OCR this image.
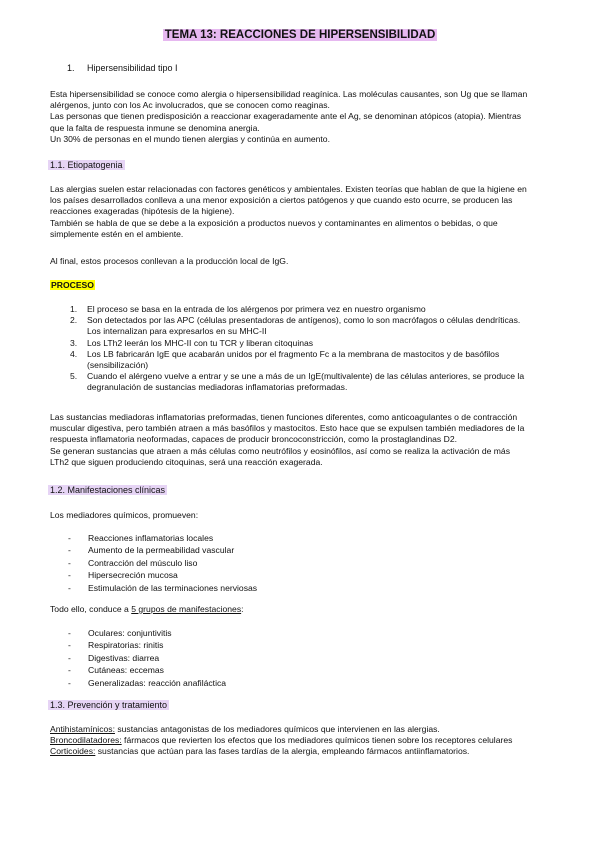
TEMA 13: REACCIONES DE HIPERSENSIBILIDAD
1. Hipersensibilidad tipo I

Esta hipersensibilidad se conoce como alergia o hipersensibilidad reagínica. Las moléculas causantes, son Ug que se llaman

alérgenos, junto con los Ac involucrados, que se conocen como reaginas.

Las personas que tienen predisposición a reaccionar exageradamente ante el Ag, se denominan atópicos (atopia). Mientras

que la falta de respuesta inmune se denomina anergia.

Un 30% de personas en el mundo tienen alergias y continúa en aumento.

1.1. Etiopatogenia

Las alergias suelen estar relacionadas con factores genéticos y ambientales. Existen teorías que hablan de que la higiene en

los países desarrollados conlleva a una menor exposición a ciertos patógenos y que cuando esto ocurre, se producen las

reacciones exageradas (hipótesis de la higiene).

También se habla de que se debe a la exposición a productos nuevos y contaminantes en alimentos o bebidas, o que

simplemente estén en el ambiente.

Al final, estos procesos conllevan a la producción local de IgG.

PROCESO
1. El proceso se basa en la entrada de los alérgenos por primera vez en nuestro organismo
2. Son detectados por las APC (células presentadoras de antígenos), como lo son macrófagos o células dendríticas.
Los internalizan para expresarlos en su MHC-II
3. Los LTh2 leerán los MHC-II con tu TCR y liberan citoquinas
4. Los LB fabricarán IgE que acabarán unidos por el fragmento Fc a la membrana de mastocitos y de basófilos
(sensibilización)
5. Cuando el alérgeno vuelve a entrar y se une a más de un IgE(multivalente) de las células anteriores, se produce la
degranulación de sustancias mediadoras inflamatorias preformadas.

Las sustancias mediadoras inflamatorias preformadas, tienen funciones diferentes, como anticoagulantes o de contracción

muscular digestiva, pero también atraen a más basófilos y mastocitos. Esto hace que se expulsen también mediadores de la

respuesta inflamatoria neoformadas, capaces de producir broncoconstricción, como la prostaglandinas D2.

Se generan sustancias que atraen a más células como neutrófilos y eosinófilos, así como se realiza la activación de más

LTh2 que siguen produciendo citoquinas, será una reacción exagerada.

1.2. Manifestaciones clínicas

Los mediadores químicos, promueven:

- Reacciones inflamatorias locales
- Aumento de la permeabilidad vascular
- Contracción del músculo liso
- Hipersecreción mucosa
- Estimulación de las terminaciones nerviosas

Todo ello, conduce a 5 grupos de manifestaciones:

- Oculares: conjuntivitis
- Respiratorias: rinitis
- Digestivas: diarrea
- Cutáneas: eccemas
- Generalizadas: reacción anafiláctica
1.3. Prevención y tratamiento

Antihistamínicos: sustancias antagonistas de los mediadores químicos que intervienen en las alergias.

Broncodilatadores: fármacos que revierten los efectos que los mediadores químicos tienen sobre los receptores celulares

Corticoides: sustancias que actúan para las fases tardías de la alergia, empleando fármacos antiinflamatorios.
